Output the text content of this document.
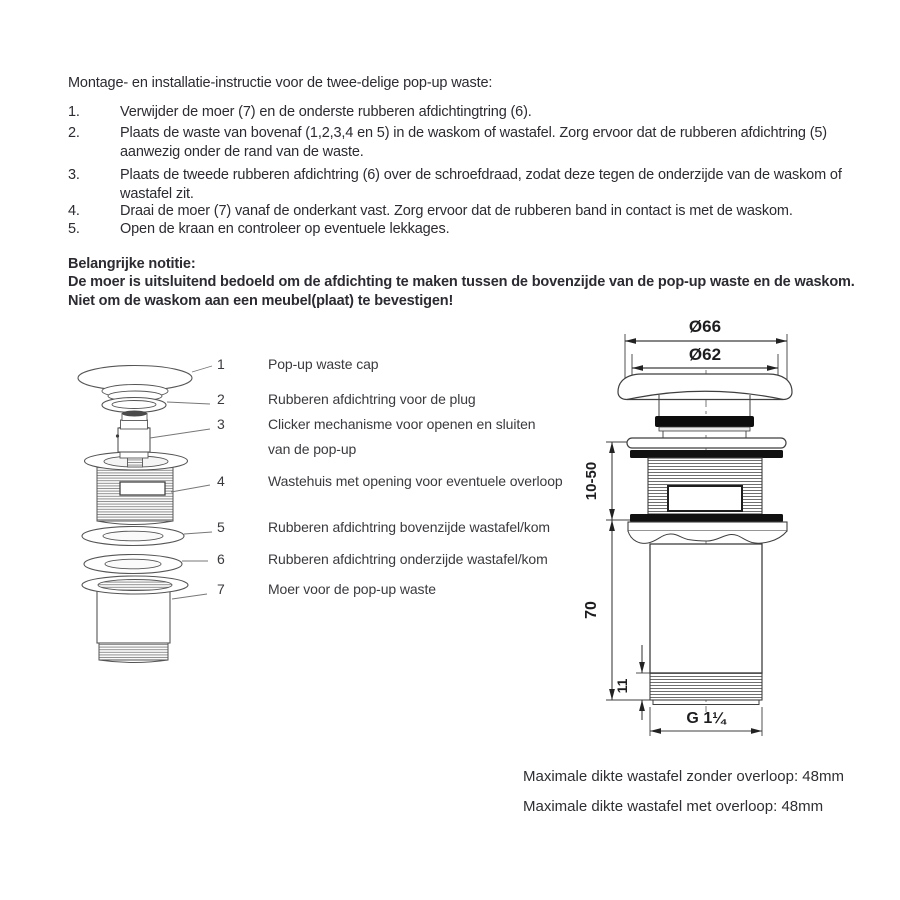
Montage- en installatie-instructie voor de twee-delige pop-up waste:
1.	Verwijder de moer (7) en de onderste rubberen afdichtingtring (6).
2.	Plaats de waste van bovenaf (1,2,3,4 en 5) in de waskom of wastafel. Zorg ervoor dat de rubberen afdichtring (5)
aanwezig onder de rand van de waste.
3.	Plaats de tweede rubberen afdichtring (6) over de schroefdraad, zodat deze tegen de onderzijde van de waskom of
wastafel zit.
4.	Draai de moer (7) vanaf de onderkant vast. Zorg ervoor dat de rubberen band in contact is met de waskom.
5.	Open de kraan en controleer op eventuele lekkages.
Belangrijke notitie:
De moer is uitsluitend bedoeld om de afdichting te maken tussen de bovenzijde van de pop-up waste en de waskom.
Niet om de waskom aan een meubel(plaat) te bevestigen!
1	Pop-up waste cap
2	Rubberen afdichtring voor de plug
3	Clicker mechanisme voor openen en sluiten
van de pop-up
4	Wastehuis met opening voor eventuele overloop
5	Rubberen afdichtring bovenzijde wastafel/kom
6	Rubberen afdichtring onderzijde wastafel/kom
7	Moer voor de pop-up waste
Ø66
Ø62
10-50
70
11
G 1¼
Maximale dikte wastafel zonder overloop: 48mm
Maximale dikte wastafel met overloop: 48mm
